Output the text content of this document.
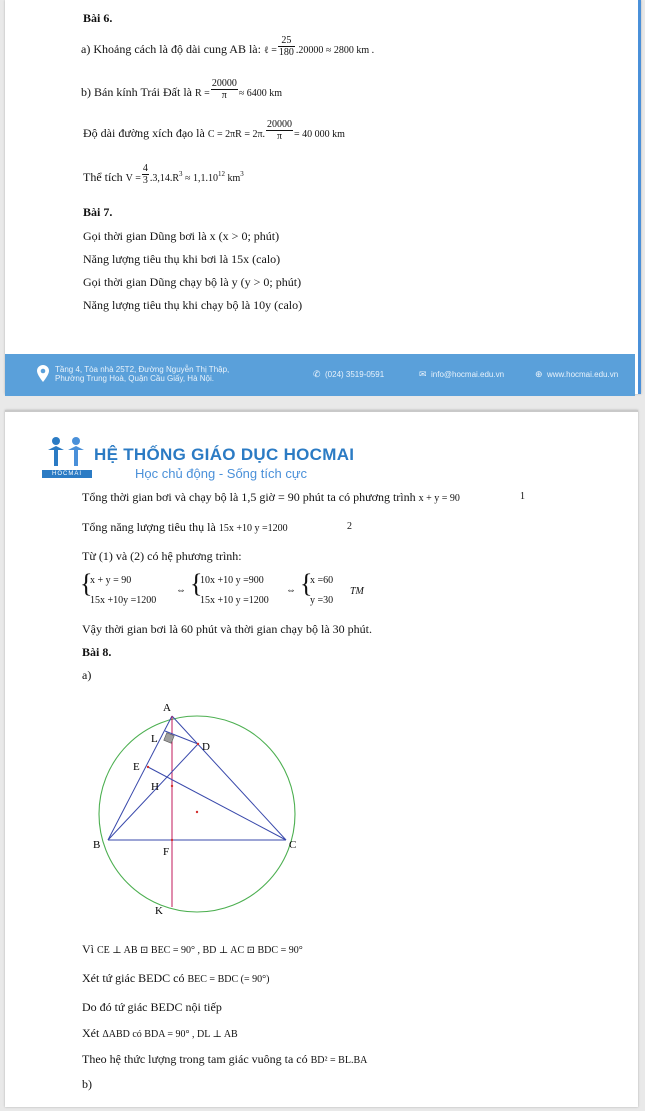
Bài 6.
a) Khoảng cách là độ dài cung AB là: ℓ = $\frac{25}{180} .20000 \approx 2800$ km .
b) Bán kính Trái Đất là $R = \frac{20000}{\pi} \approx 6400$ km
Độ dài đường xích đạo là C = 2πR = 2π. $\frac{20000}{\pi} = 40$ 000 km
Thể tích $V = \frac{4}{3} .3,14.R^3 \approx 1,1.10^{12}$ $km^3$
Bài 7.
Gọi thời gian Dũng bơi là x (x > 0; phút)
Năng lượng tiêu thụ khi bơi là 15x (calo)
Gọi thời gian Dũng chạy bộ là y (y > 0; phút)
Năng lượng tiêu thụ khi chạy bộ là 10y (calo)
Tầng 4, Tòa nhà 25T2, Đường Nguyễn Thị Thập,
Phường Trung Hoà, Quận Cầu Giấy, Hà Nội.	✆ (024) 3519-0591	✉ info@hocmai.edu.vn	⊕ www.hocmai.edu.vn
HỆ THỐNG GIÁO DỤC HOCMAI
HOCMAI	Học chủ động - Sống tích cực
Tổng thời gian bơi và chạy bộ là 1,5 giờ = 90 phút ta có phương trình x + y = 90	1
Tổng năng lượng tiêu thụ là 15x +10 y =1200	2
Từ (1) và (2) có hệ phương trình:
{
x + y = 90
15x +10y =1200
⇔ {
10x +10 y =900
15x +10 y =1200
⇔ {
x =60
y =30
TM
Vậy thời gian bơi là 60 phút và thời gian chạy bộ là 30 phút.
Bài 8.
a)
A
L
D
E
H
B	C
F
K
Vì CE ⊥ AB ⊡ BEC = 90° , BD ⊥ AC ⊡ BDC = 90°
Xét tứ giác BEDC có BEC = BDC (= 90°)
Do đó tứ giác BEDC nội tiếp
Xét ΔABD có BDA = 90° , DL ⊥ AB
Theo hệ thức lượng trong tam giác vuông ta có BD² = BL.BA
b)
